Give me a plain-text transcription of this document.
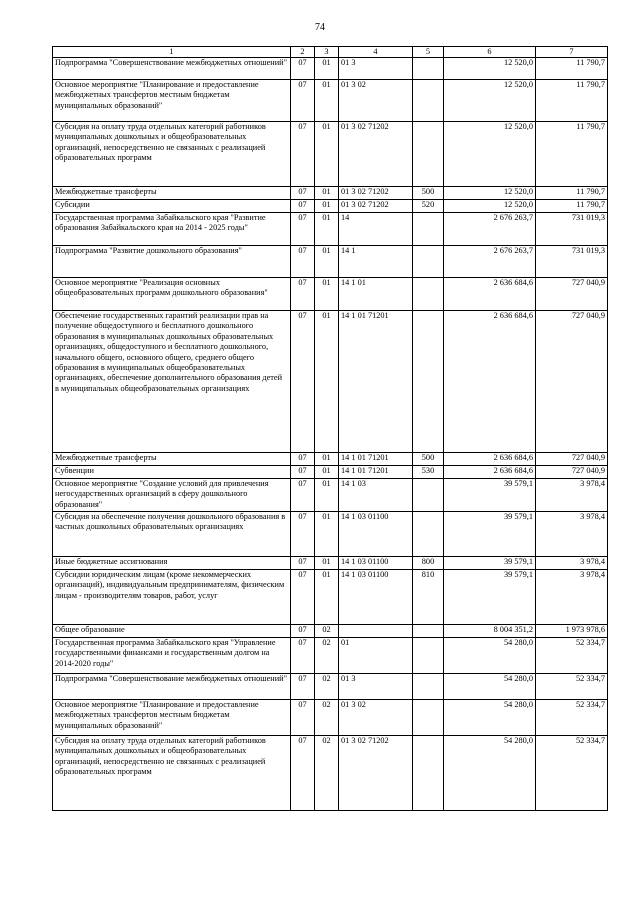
74
1	2	3	4	5	6	7
Подпрограмма "Совершенствование межбюджетных отношений"	07	01	01 3		12 520,0	11 790,7
Основное мероприятие "Планирование и предоставление межбюджетных трансфертов местным бюджетам муниципальных образований"	07	01	01 3 02		12 520,0	11 790,7
Субсидия на оплату труда отдельных категорий работников муниципальных дошкольных и общеобразовательных организаций, непосредственно не связанных с реализацией образовательных программ	07	01	01 3 02 71202		12 520,0	11 790,7
Межбюджетные трансферты	07	01	01 3 02 71202	500	12 520,0	11 790,7
Субсидии	07	01	01 3 02 71202	520	12 520,0	11 790,7
Государственная программа Забайкальского края "Развитие образования Забайкальского края на 2014 - 2025 годы"	07	01	14		2 676 263,7	731 019,3
Подпрограмма "Развитие дошкольного образования"	07	01	14 1		2 676 263,7	731 019,3
Основное мероприятие "Реализация основных общеобразовательных программ дошкольного образования"	07	01	14 1 01		2 636 684,6	727 040,9
Обеспечение государственных гарантий реализации прав на получение общедоступного и бесплатного дошкольного образования в муниципальных дошкольных образовательных организациях, общедоступного и бесплатного дошкольного, начального общего, основного общего, среднего общего образования в муниципальных общеобразовательных организациях, обеспечение дополнительного образования детей в муниципальных общеобразовательных организациях	07	01	14 1 01 71201		2 636 684,6	727 040,9
Межбюджетные трансферты	07	01	14 1 01 71201	500	2 636 684,6	727 040,9
Субвенции	07	01	14 1 01 71201	530	2 636 684,6	727 040,9
Основное мероприятие "Создание условий для привлечения негосударственных организаций в сферу дошкольного образования"	07	01	14 1 03		39 579,1	3 978,4
Субсидия на обеспечение получения дошкольного образования в частных дошкольных образовательных организациях	07	01	14 1 03 01100		39 579,1	3 978,4
Иные бюджетные ассигнования	07	01	14 1 03 01100	800	39 579,1	3 978,4
Субсидии юридическим лицам (кроме некоммерческих организаций), индивидуальным предпринимателям, физическим лицам - производителям товаров, работ, услуг	07	01	14 1 03 01100	810	39 579,1	3 978,4
Общее образование	07	02			8 004 351,2	1 973 978,6
Государственная программа Забайкальского края "Управление государственными финансами и государственным долгом на 2014-2020 годы"	07	02	01		54 280,0	52 334,7
Подпрограмма "Совершенствование межбюджетных отношений"	07	02	01 3		54 280,0	52 334,7
Основное мероприятие "Планирование и предоставление межбюджетных трансфертов местным бюджетам муниципальных образований"	07	02	01 3 02		54 280,0	52 334,7
Субсидия на оплату труда отдельных категорий работников муниципальных дошкольных и общеобразовательных организаций, непосредственно не связанных с реализацией образовательных программ	07	02	01 3 02 71202		54 280,0	52 334,7
